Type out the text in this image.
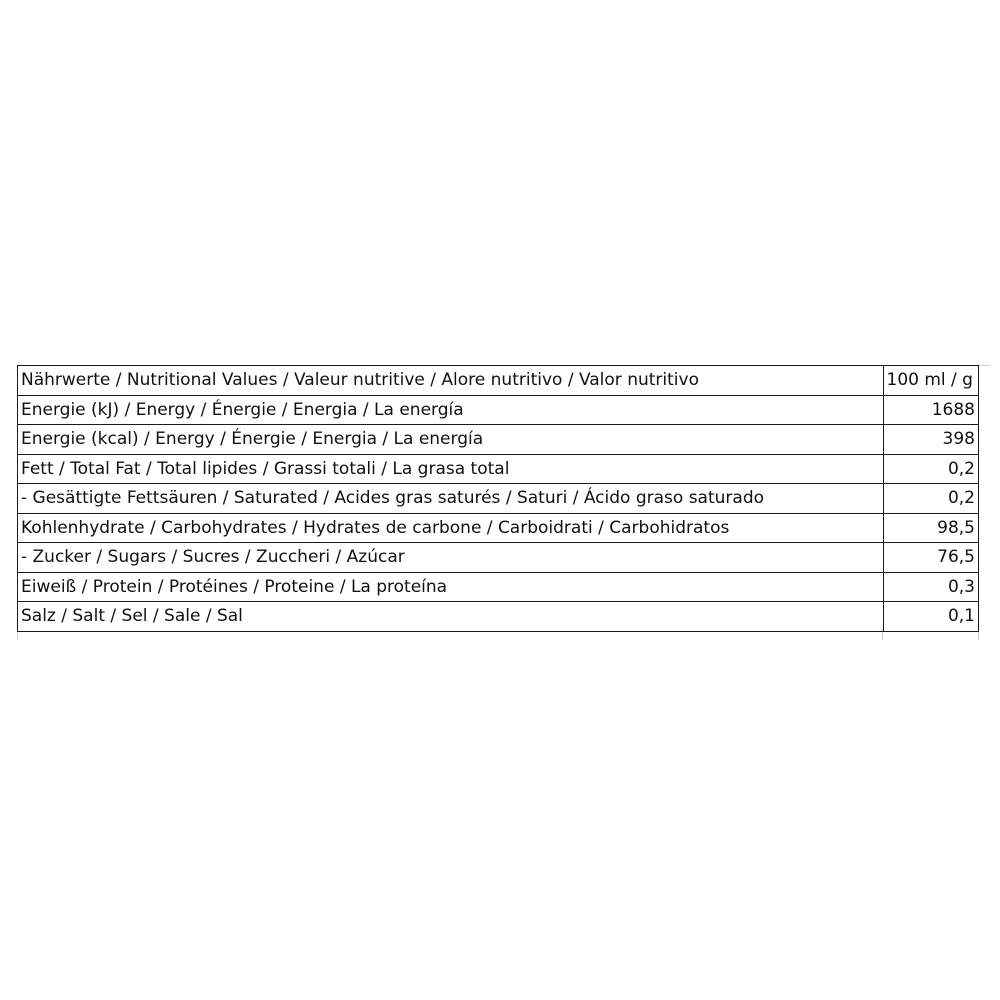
Nährwerte / Nutritional Values / Valeur nutritive / Alore nutritivo / Valor nutritivo	100 ml / g
Energie (kJ) / Energy / Énergie / Energia / La energía	1688
Energie (kcal) / Energy / Énergie / Energia / La energía	398
Fett / Total Fat / Total lipides / Grassi totali / La grasa total	0,2
- Gesättigte Fettsäuren / Saturated / Acides gras saturés / Saturi / Ácido graso saturado	0,2
Kohlenhydrate / Carbohydrates / Hydrates de carbone / Carboidrati / Carbohidratos	98,5
- Zucker / Sugars / Sucres / Zuccheri / Azúcar	76,5
Eiweiß / Protein / Protéines / Proteine / La proteína	0,3
Salz / Salt / Sel / Sale / Sal	0,1
